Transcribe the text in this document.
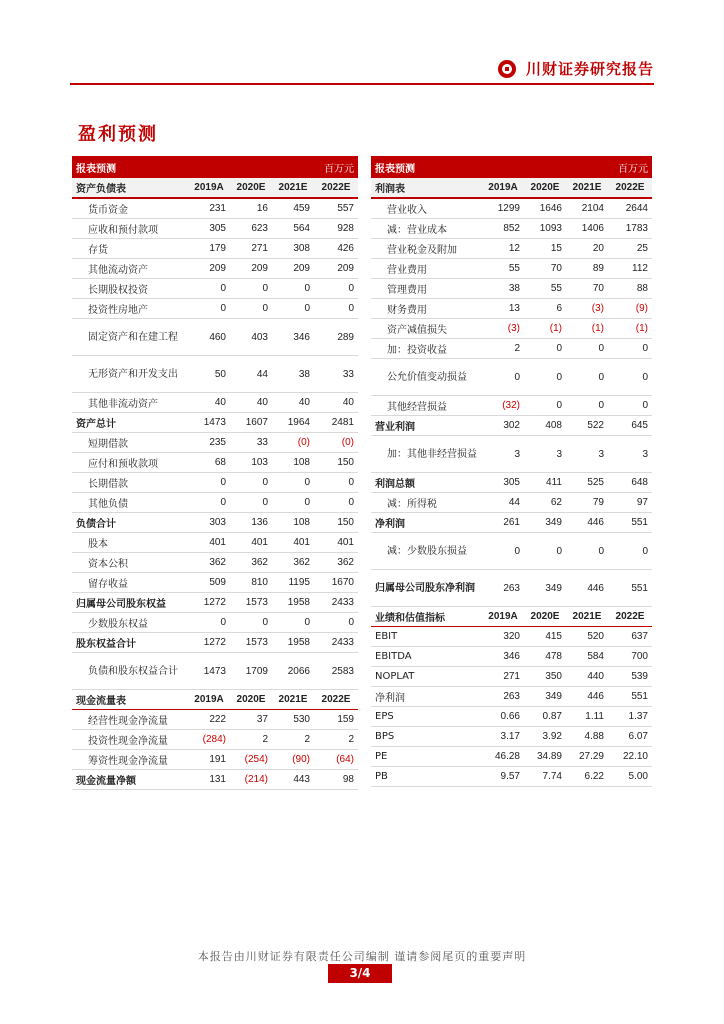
川财证券研究报告
盈利预测
报表预测				百万元
资产负债表	2019A	2020E	2021E	2022E
货币资金	231	16	459	557
应收和预付款项	305	623	564	928
存货	179	271	308	426
其他流动资产	209	209	209	209
长期股权投资	0	0	0	0
投资性房地产	0	0	0	0
固定资产和在建工程	460	403	346	289
无形资产和开发支出	50	44	38	33
其他非流动资产	40	40	40	40
资产总计	1473	1607	1964	2481
短期借款	235	33	(0)	(0)
应付和预收款项	68	103	108	150
长期借款	0	0	0	0
其他负债	0	0	0	0
负债合计	303	136	108	150
股本	401	401	401	401
资本公积	362	362	362	362
留存收益	509	810	1195	1670
归属母公司股东权益	1272	1573	1958	2433
少数股东权益	0	0	0	0
股东权益合计	1272	1573	1958	2433
负债和股东权益合计	1473	1709	2066	2583
现金流量表	2019A	2020E	2021E	2022E
经营性现金净流量	222	37	530	159
投资性现金净流量	(284)	2	2	2
筹资性现金净流量	191	(254)	(90)	(64)
现金流量净额	131	(214)	443	98
报表预测				百万元
利润表	2019A	2020E	2021E	2022E
营业收入	1299	1646	2104	2644
减：营业成本	852	1093	1406	1783
营业税金及附加	12	15	20	25
营业费用	55	70	89	112
管理费用	38	55	70	88
财务费用	13	6	(3)	(9)
资产减值损失	(3)	(1)	(1)	(1)
加：投资收益	2	0	0	0
公允价值变动损益	0	0	0	0
其他经营损益	(32)	0	0	0
营业利润	302	408	522	645
加：其他非经营损益	3	3	3	3
利润总额	305	411	525	648
减：所得税	44	62	79	97
净利润	261	349	446	551
减：少数股东损益	0	0	0	0
归属母公司股东净利润	263	349	446	551
业绩和估值指标	2019A	2020E	2021E	2022E
EBIT	320	415	520	637
EBITDA	346	478	584	700
NOPLAT	271	350	440	539
净利润	263	349	446	551
EPS	0.66	0.87	1.11	1.37
BPS	3.17	3.92	4.88	6.07
PE	46.28	34.89	27.29	22.10
PB	9.57	7.74	6.22	5.00
本报告由川财证券有限责任公司编制 谨请参阅尾页的重要声明
3/4
